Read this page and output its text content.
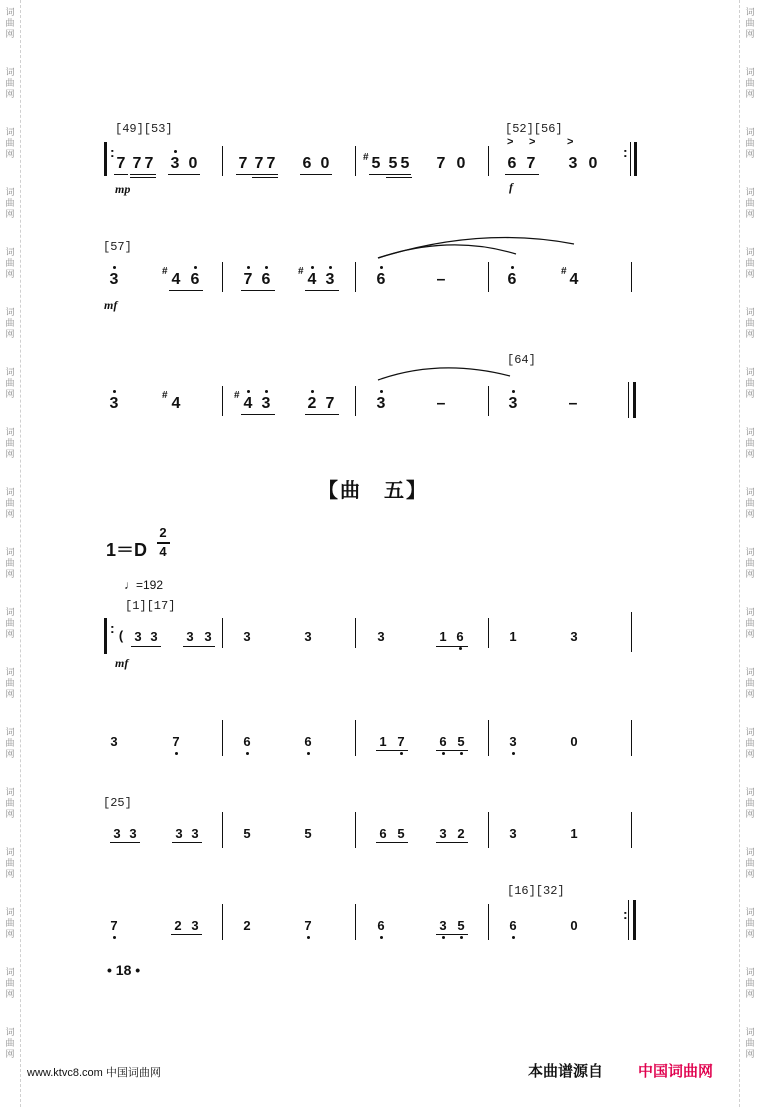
词
曲
网
词
曲
网
词
曲
网
词
曲
网
词
曲
网
词
曲
网
词
曲
网
词
曲
网
词
曲
网
词
曲
网
词
曲
网
词
曲
网
词
曲
网
词
曲
网
词
曲
网
词
曲
网
词
曲
网
词
曲
网
词
曲
网
词
曲
网
词
曲
网
词
曲
网
词
曲
网
词
曲
网
词
曲
网
词
曲
网
词
曲
网
词
曲
网
词
曲
网
词
曲
网
词
曲
网
词
曲
网
词
曲
网
词
曲
网
词
曲
网
词
曲
网
[49][53]	[52][56]
> >	>
:
7 7 7 3 0
mp
7 7 7 6 0	# 5 5 5 7 0	6 7 3 0
f
:
[57]
3	# 4 6
mf
7 6	# 4 3	6	–	6	# 4
[64]
3	# 4	# 4 3 2 7	3	–	3	–
【曲　五】
1＝D
2
4
♩=192
[1][17]
: ( 3 3 3 3
mf
3	3	3	1 6	1	3
3	7	6	6	1 7	6 5	3	0
[25]
3 3	3 3	5	5	6 5	3 2	3	1
[16][32]
7	2 3	2	7	6	3 5	6	0
:
• 18 •
www.ktvc8.com 中国词曲网	本曲谱源自 中国词曲网
